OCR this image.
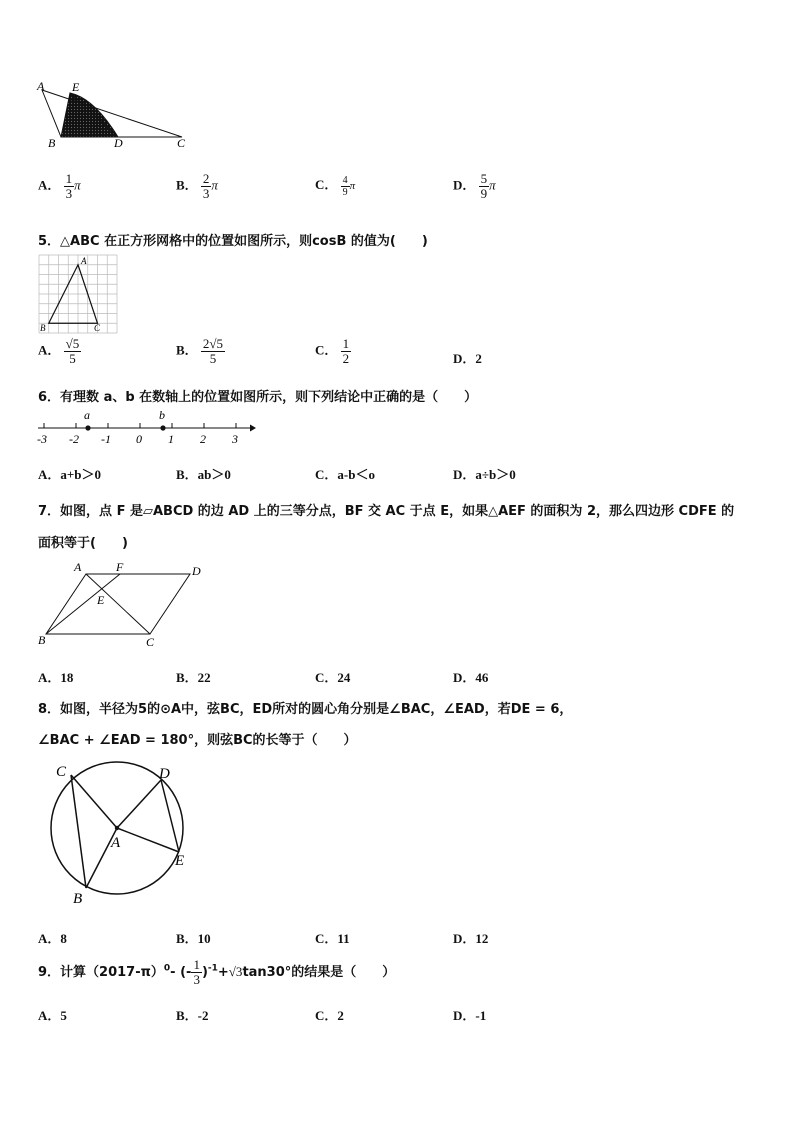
A E
B	D	C
A． $\frac{1}{3}$ π	B． $\frac{2}{3}$ π	C． $\frac{4}{9}$ π	D． $\frac{5}{9}$ π
5．△ABC 在正方形网格中的位置如图所示，则cosB 的值为(　　)
A
B	C
A． $\frac{√5}{5}$	B． $\frac{2√5}{5}$	C． $\frac{1}{2}$	D．2
6．有理数 a、b 在数轴上的位置如图所示，则下列结论中正确的是（　　）
-3 -2 -1 0 1 2 3
a	b
A．a+b＞0	B．ab＞0	C．a-b＜o	D．a÷b＞0
7．如图，点 F 是▱ABCD 的边 AD 上的三等分点，BF 交 AC 于点 E，如果△AEF 的面积为 2，那么四边形 CDFE 的
面积等于(　　)
A	F	D
E
B	C
A．18	B．22	C．24	D．46
8．如图，半径为5的⊙A中，弦BC，ED所对的圆心角分别是∠BAC，∠EAD，若DE = 6，
∠BAC + ∠EAD = 180°，则弦BC的长等于（　　）
C	D
A
E
B
A．8	B．10	C．11	D．12
9．计算$(2017-\pi)^0-$ (- $\frac{1}{3} )^{-1}+√3\tan 30^\circ$的结果是（　　）
A．5	B．-2	C．2	D．-1
